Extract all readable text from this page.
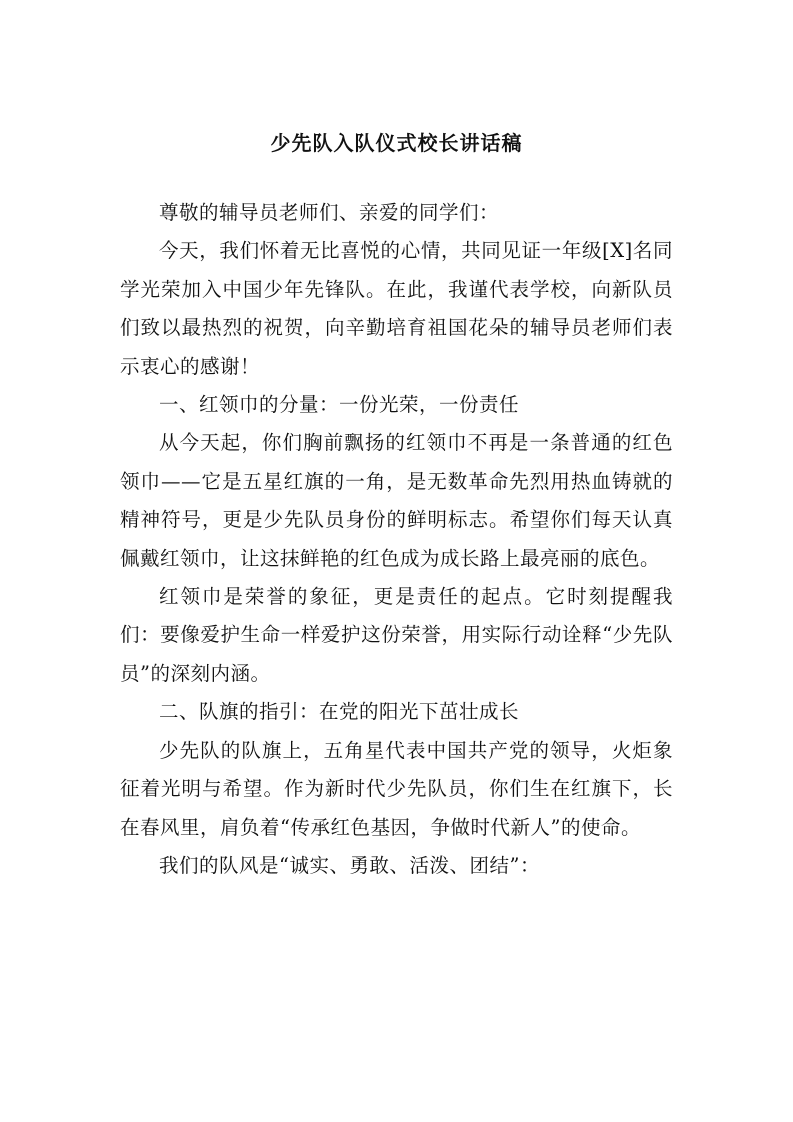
少先队入队仪式校长讲话稿

尊敬的辅导员老师们、亲爱的同学们：

今天，我们怀着无比喜悦的心情，共同见证一年级[X]名同学光荣加入中国少年先锋队。在此，我谨代表学校，向新队员们致以最热烈的祝贺，向辛勤培育祖国花朵的辅导员老师们表示衷心的感谢！

一、红领巾的分量：一份光荣，一份责任

从今天起，你们胸前飘扬的红领巾不再是一条普通的红色领巾——它是五星红旗的一角，是无数革命先烈用热血铸就的精神符号，更是少先队员身份的鲜明标志。希望你们每天认真佩戴红领巾，让这抹鲜艳的红色成为成长路上最亮丽的底色。

红领巾是荣誉的象征，更是责任的起点。它时刻提醒我们：要像爱护生命一样爱护这份荣誉，用实际行动诠释“少先队员”的深刻内涵。

二、队旗的指引：在党的阳光下茁壮成长

少先队的队旗上，五角星代表中国共产党的领导，火炬象征着光明与希望。作为新时代少先队员，你们生在红旗下，长在春风里，肩负着“传承红色基因，争做时代新人”的使命。

我们的队风是“诚实、勇敢、活泼、团结”：
